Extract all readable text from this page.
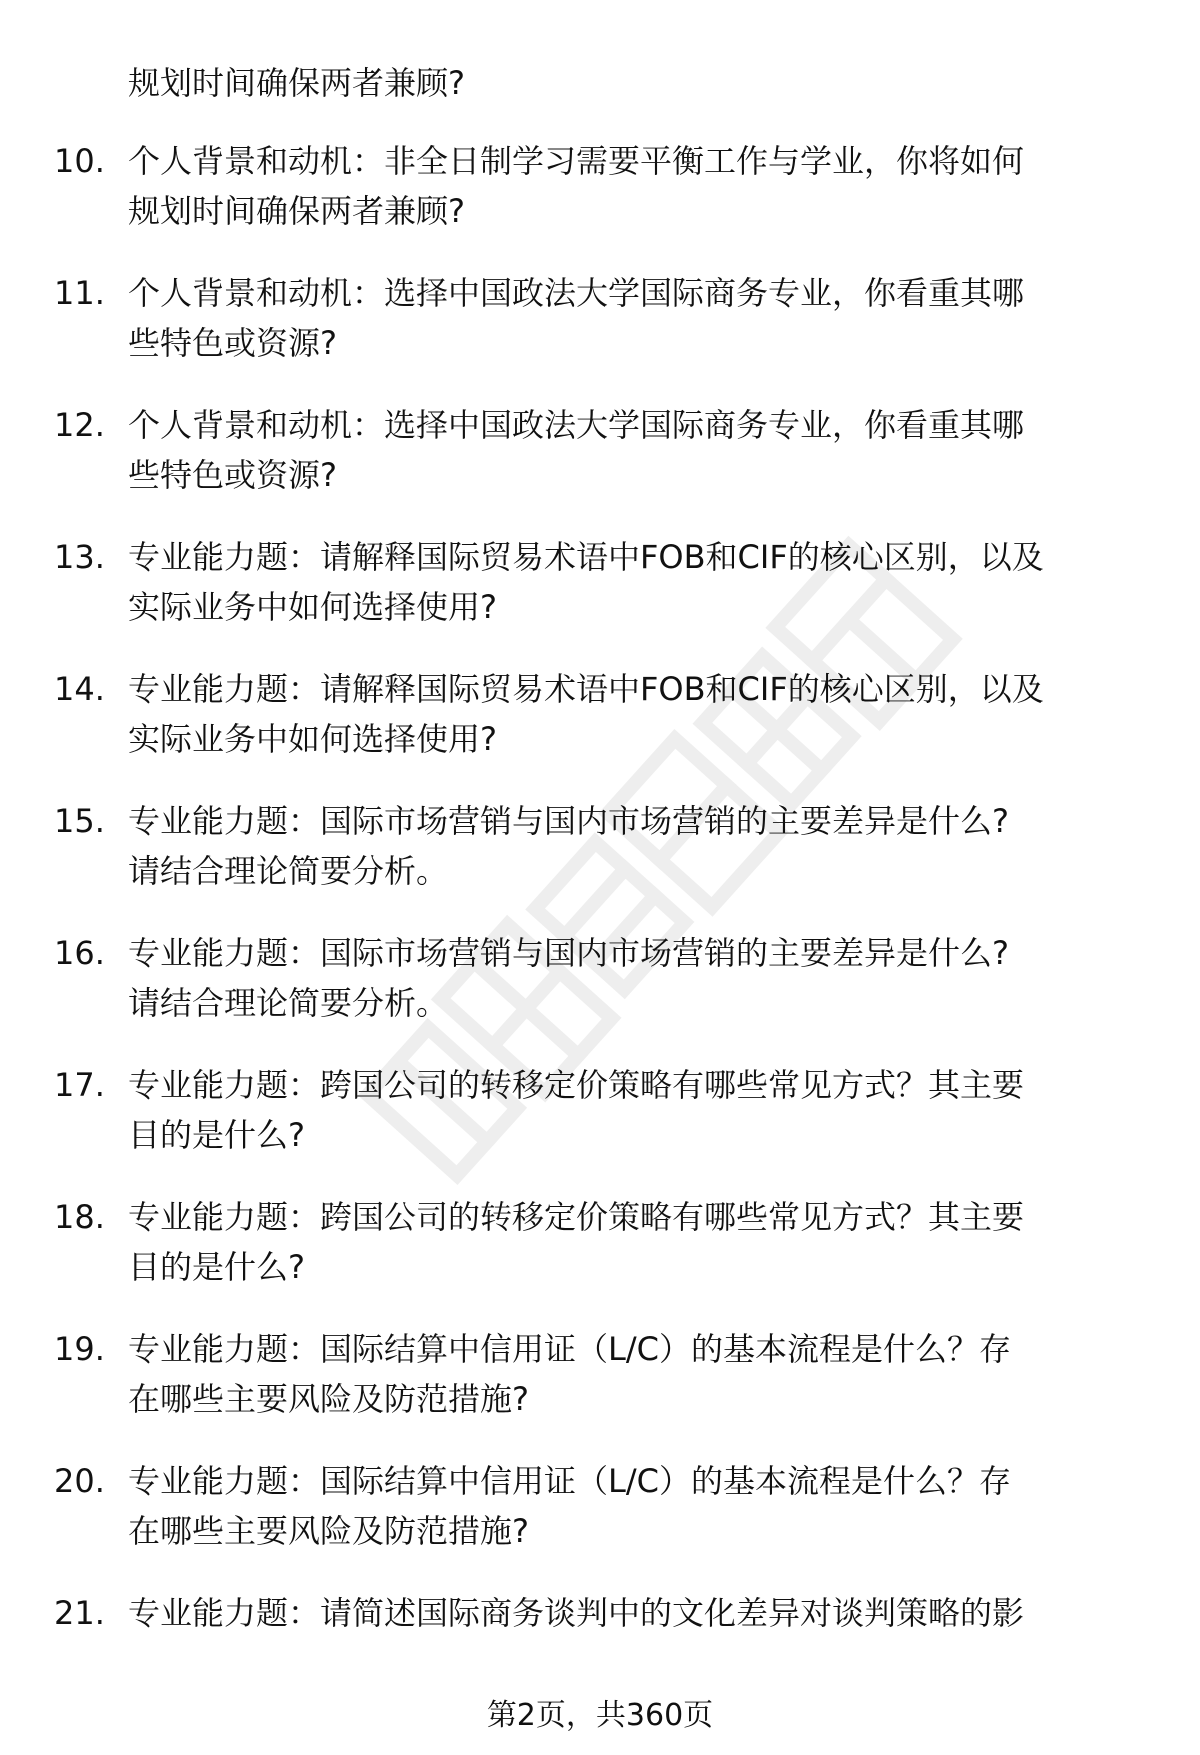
规划时间确保两者兼顾?
10. 个人背景和动机：非全日制学习需要平衡工作与学业，你将如何
规划时间确保两者兼顾?
11. 个人背景和动机：选择中国政法大学国际商务专业，你看重其哪
些特色或资源?
12. 个人背景和动机：选择中国政法大学国际商务专业，你看重其哪
些特色或资源?
13. 专业能力题：请解释国际贸易术语中FOB和CIF的核心区别，以及
实际业务中如何选择使用?
14. 专业能力题：请解释国际贸易术语中FOB和CIF的核心区别，以及
实际业务中如何选择使用?
15. 专业能力题：国际市场营销与国内市场营销的主要差异是什么?
请结合理论简要分析。
16. 专业能力题：国际市场营销与国内市场营销的主要差异是什么?
请结合理论简要分析。
17. 专业能力题：跨国公司的转移定价策略有哪些常见方式？其主要
目的是什么?
18. 专业能力题：跨国公司的转移定价策略有哪些常见方式？其主要
目的是什么?
19. 专业能力题：国际结算中信用证（L/C）的基本流程是什么？存
在哪些主要风险及防范措施?
20. 专业能力题：国际结算中信用证（L/C）的基本流程是什么？存
在哪些主要风险及防范措施?
21. 专业能力题：请简述国际商务谈判中的文化差异对谈判策略的影
第2页，共360页
